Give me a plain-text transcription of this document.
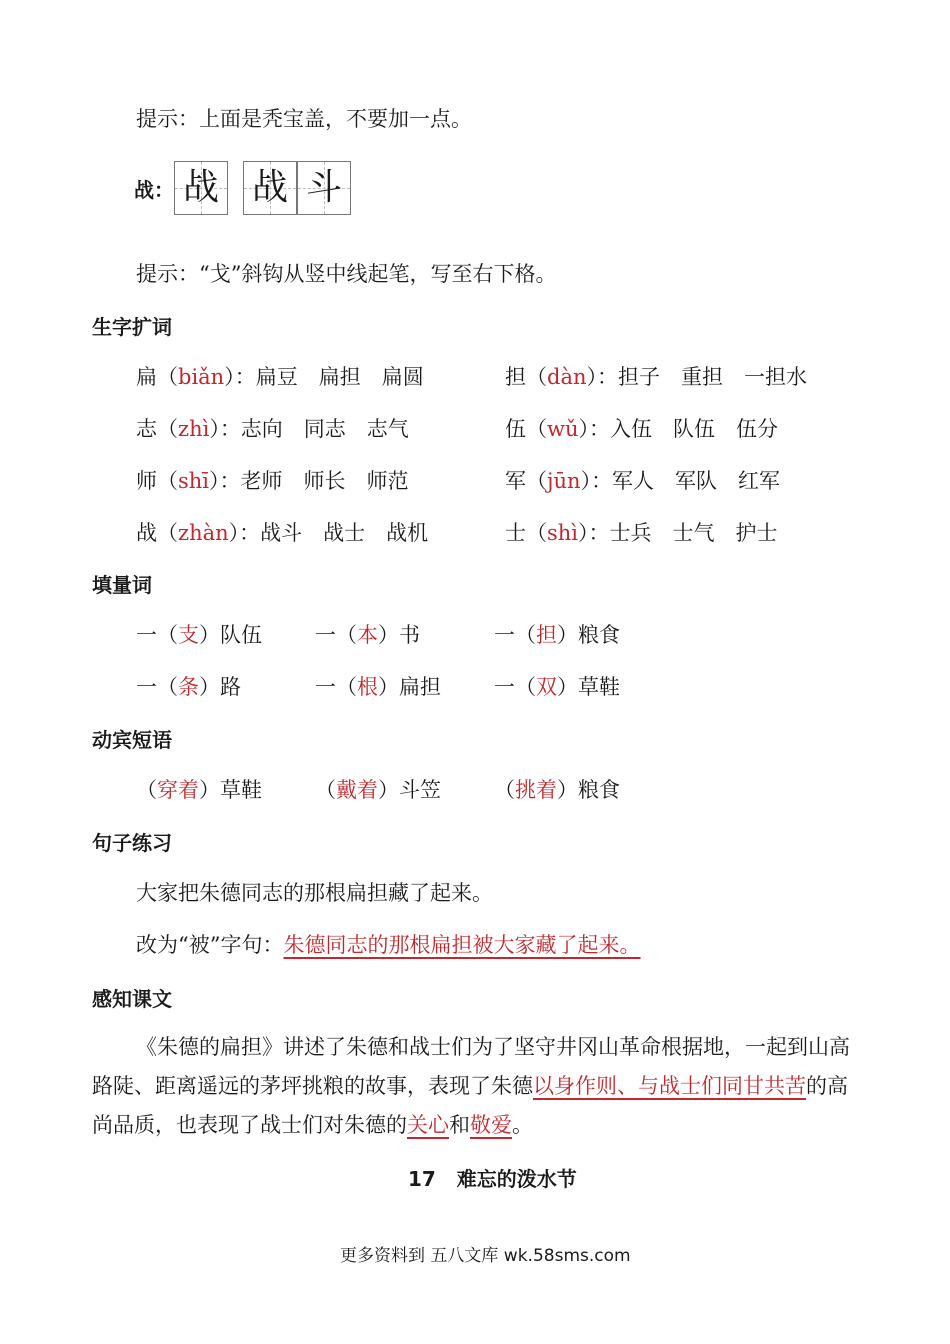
提示：上面是秃宝盖，不要加一点。
战： 战 战 斗
提示：“戈”斜钩从竖中线起笔，写至右下格。
生字扩词
扁（biǎn）：扁豆　扁担　扁圆	担（dàn）：担子　重担　一担水
志（zhì）：志向　同志　志气	伍（wǔ）：入伍　队伍　伍分
师（shī）：老师　师长　师范	军（jūn）：军人　军队　红军
战（zhàn）：战斗　战士　战机	士（shì）：士兵　士气　护士
填量词
一（支）队伍	一（本）书	一（担）粮食
一（条）路	一（根）扁担	一（双）草鞋
动宾短语
（穿着）草鞋	（戴着）斗笠	（挑着）粮食
句子练习
大家把朱德同志的那根扁担藏了起来。
改为“被”字句：朱德同志的那根扁担被大家藏了起来。
感知课文
《朱德的扁担》讲述了朱德和战士们为了坚守井冈山革命根据地，一起到山高路陡、距离遥远的茅坪挑粮的故事，表现了朱德以身作则、与战士们同甘共苦的高尚品质，也表现了战士们对朱德的关心和敬爱。
17 难忘的泼水节
更多资料到 五八文库 wk.58sms.com
